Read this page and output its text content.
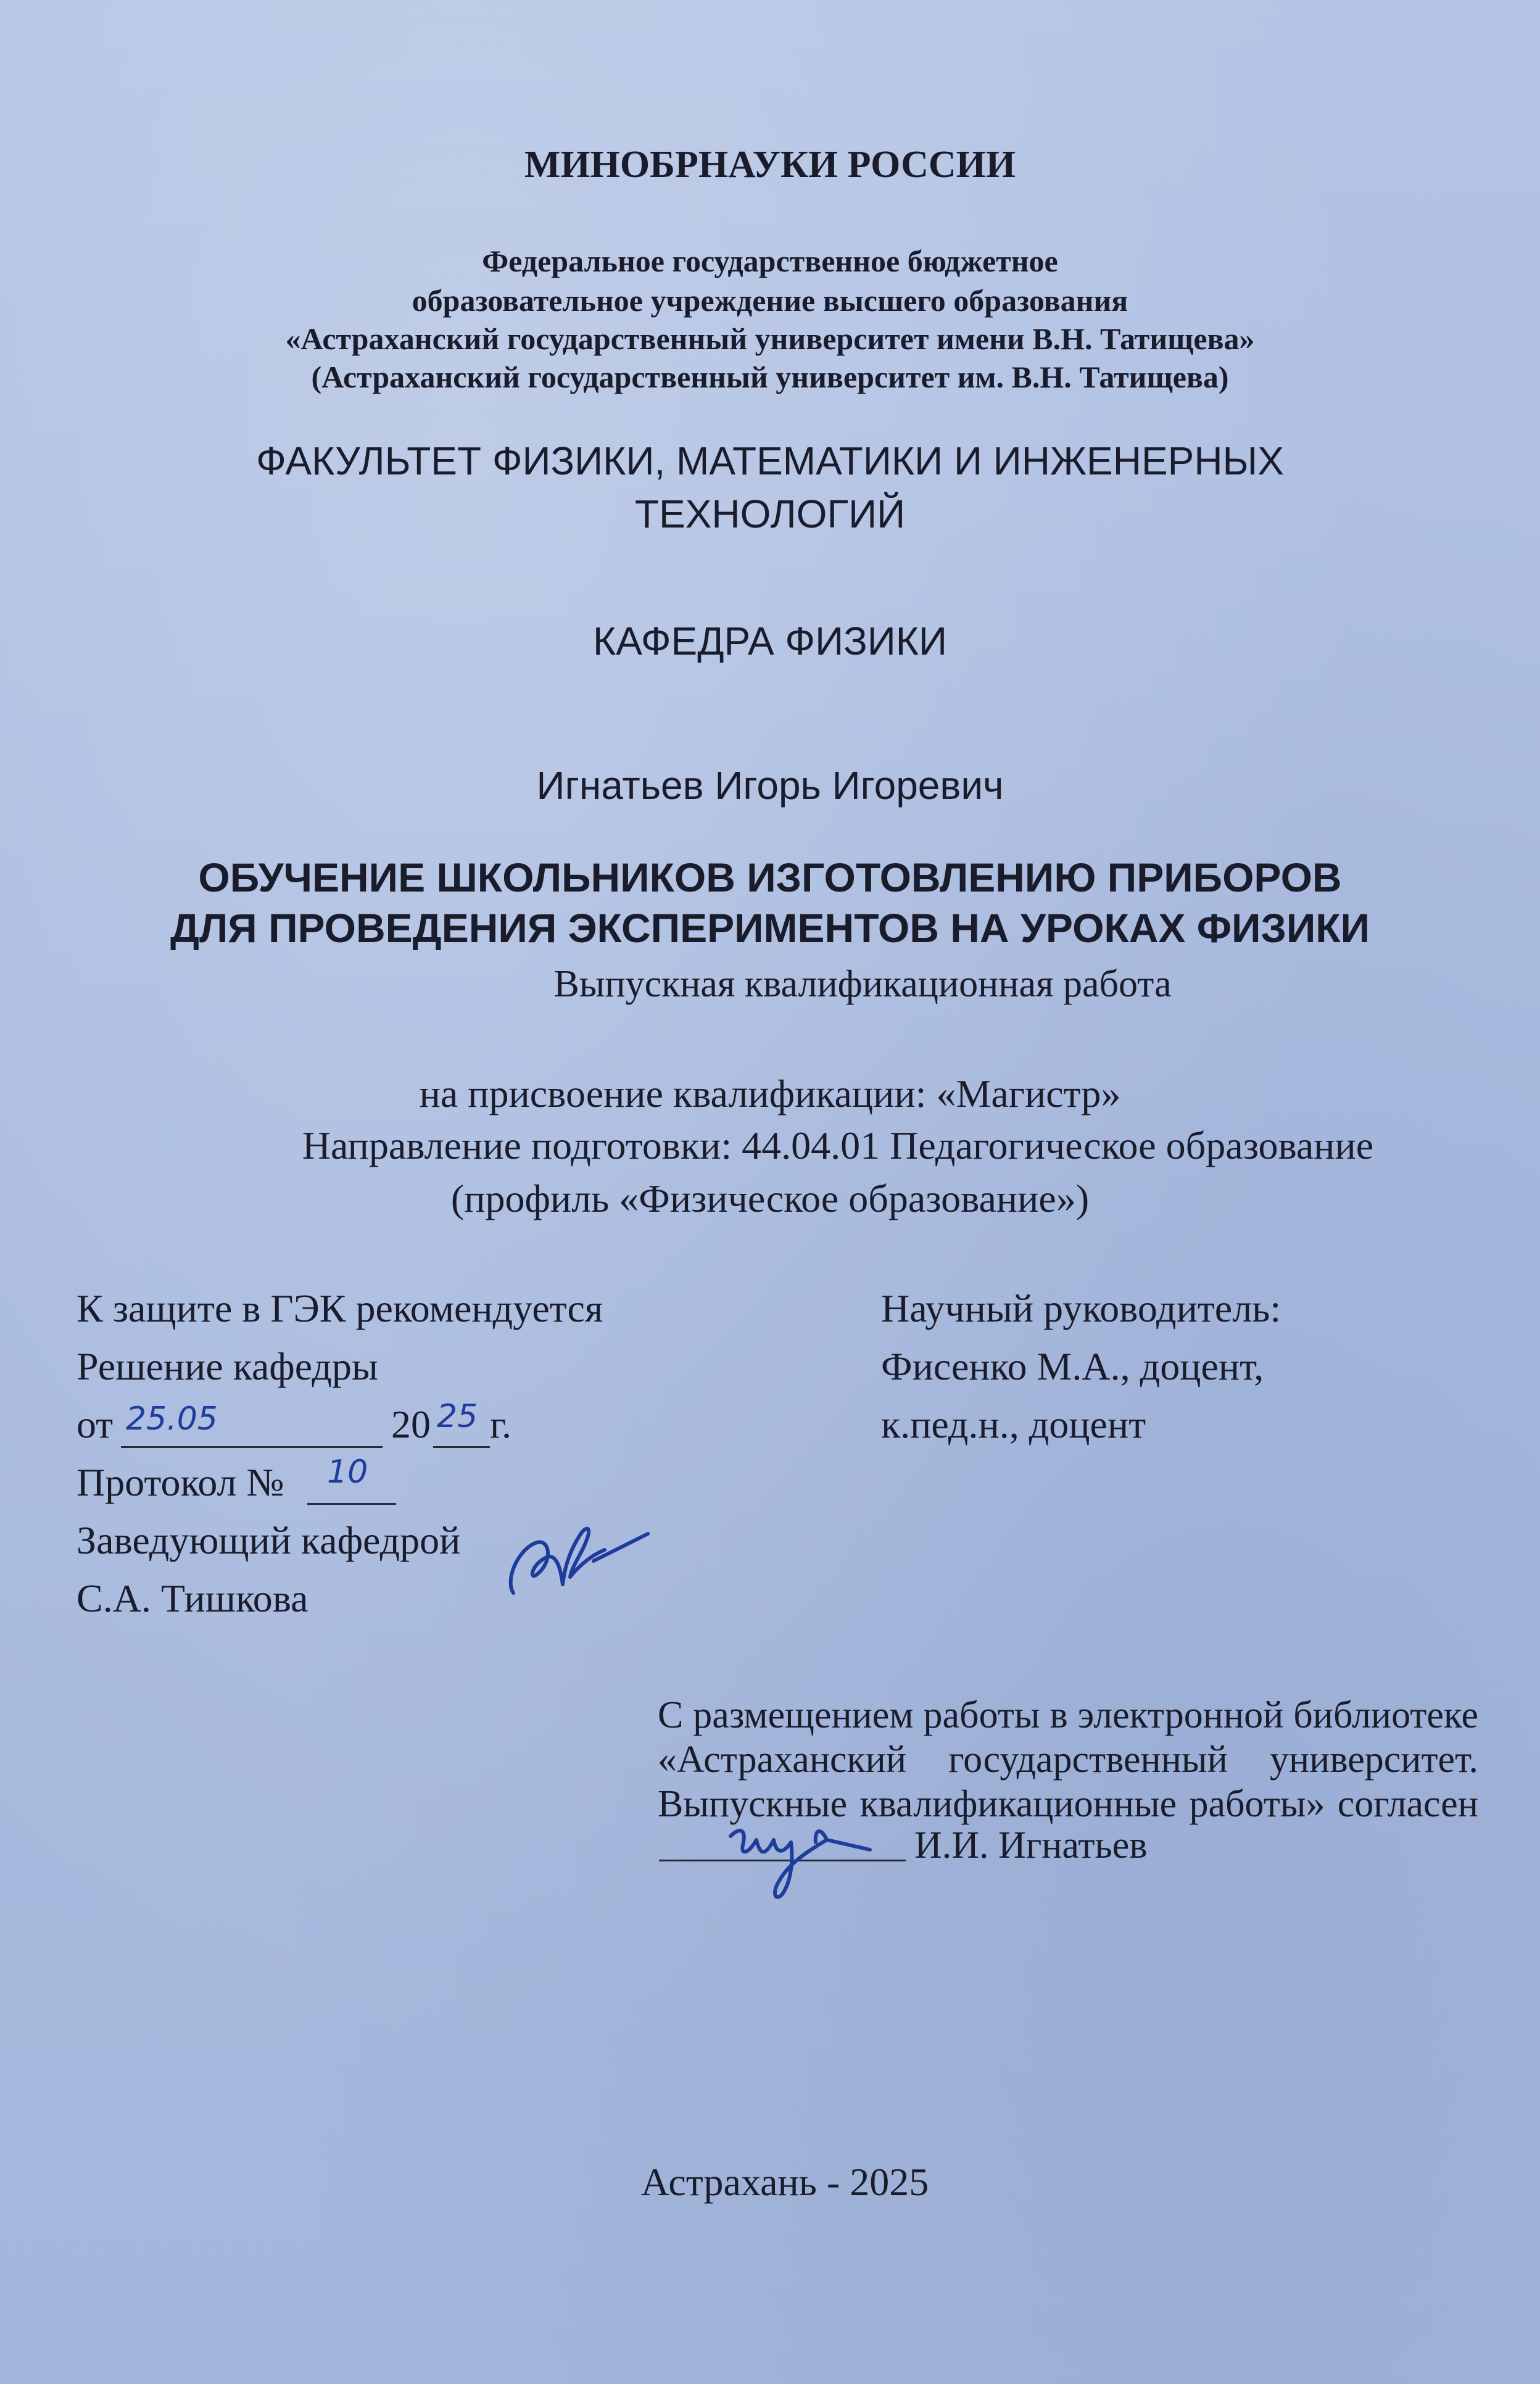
МИНОБРНАУКИ РОССИИ
Федеральное государственное бюджетное
образовательное учреждение высшего образования
«Астраханский государственный университет имени В.Н. Татищева»
(Астраханский государственный университет им. В.Н. Татищева)
ФАКУЛЬТЕТ ФИЗИКИ, МАТЕМАТИКИ И ИНЖЕНЕРНЫХ
ТЕХНОЛОГИЙ
КАФЕДРА ФИЗИКИ
Игнатьев Игорь Игоревич
ОБУЧЕНИЕ ШКОЛЬНИКОВ ИЗГОТОВЛЕНИЮ ПРИБОРОВ
ДЛЯ ПРОВЕДЕНИЯ ЭКСПЕРИМЕНТОВ НА УРОКАХ ФИЗИКИ
Выпускная квалификационная работа
на присвоение квалификации: «Магистр»
Направление подготовки: 44.04.01 Педагогическое образование
(профиль «Физическое образование»)
К защите в ГЭК рекомендуется
Решение кафедры
от 25.05	20 25 г.
Протокол № 10
Заведующий кафедрой
С.А. Тишкова
Научный руководитель:
Фисенко М.А., доцент,
к.пед.н., доцент
С размещением работы в электронной библиотеке
«Астраханский государственный университет.
Выпускные квалификационные работы» согласен
И.И. Игнатьев
Астрахань - 2025
